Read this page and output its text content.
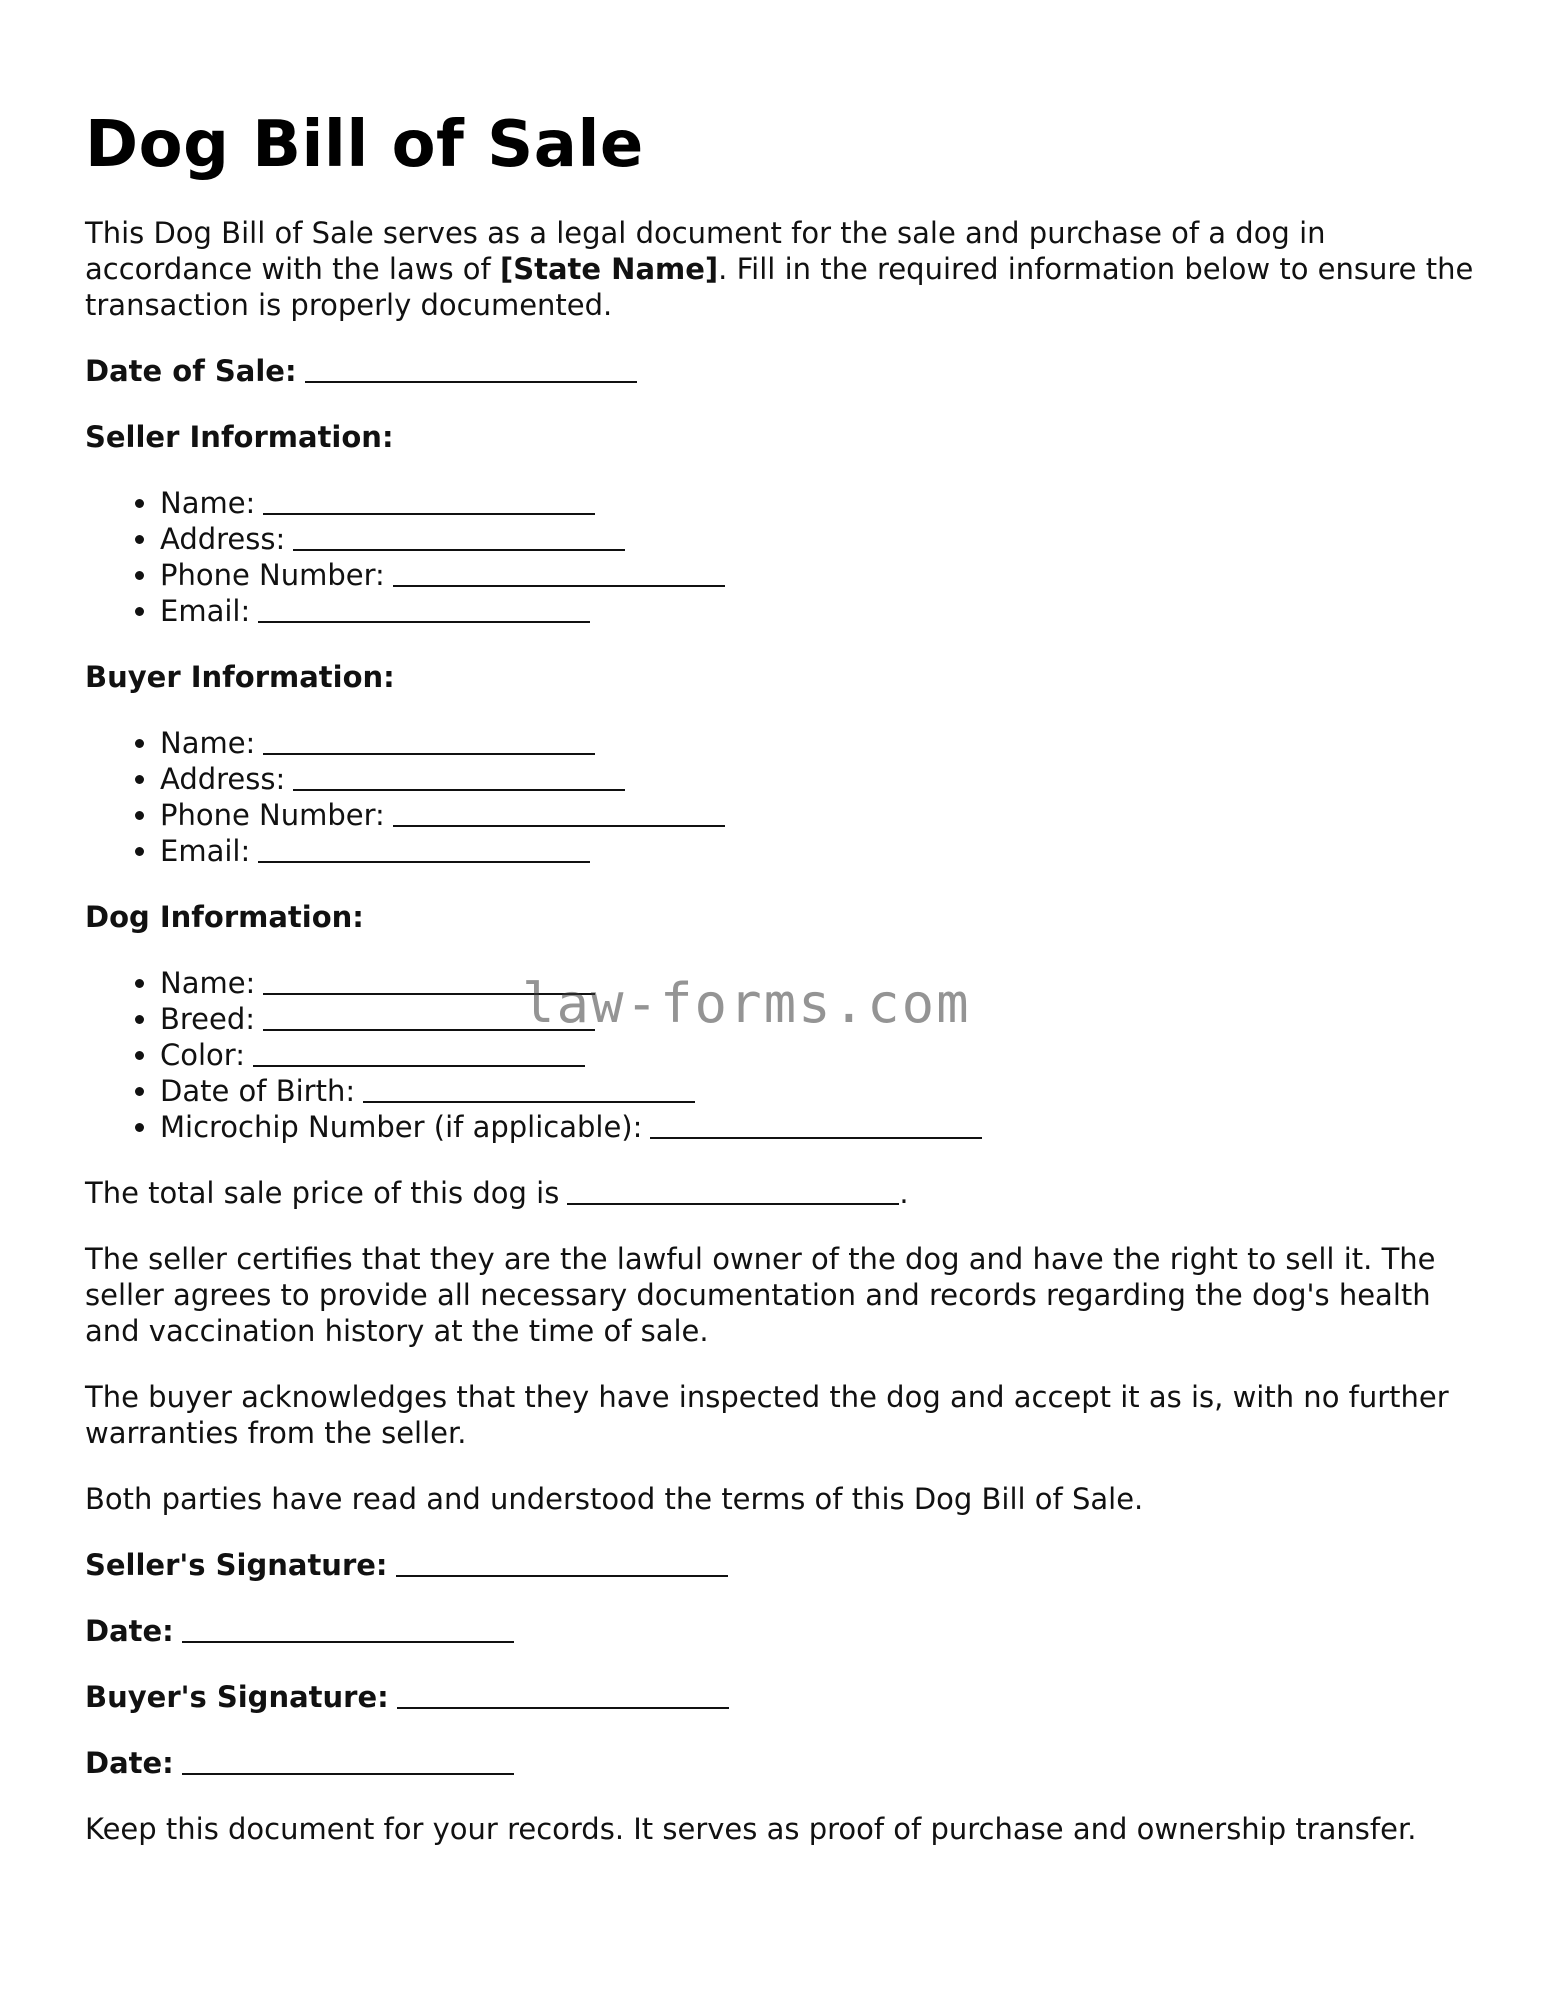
Dog Bill of Sale

This Dog Bill of Sale serves as a legal document for the sale and purchase of a dog in accordance with the laws of [State Name]. Fill in the required information below to ensure the transaction is properly documented.

Date of Sale:

Seller Information:

• Name:
• Address:
• Phone Number:
• Email:

Buyer Information:

• Name:
• Address:
• Phone Number:
• Email:

Dog Information:

• Name:
• Breed:
• Color:
• Date of Birth:
• Microchip Number (if applicable):

The total sale price of this dog is	.

The seller certifies that they are the lawful owner of the dog and have the right to sell it. The seller agrees to provide all necessary documentation and records regarding the dog's health and vaccination history at the time of sale.

The buyer acknowledges that they have inspected the dog and accept it as is, with no further warranties from the seller.

Both parties have read and understood the terms of this Dog Bill of Sale.

Seller's Signature:

Date:

Buyer's Signature:

Date:

Keep this document for your records. It serves as proof of purchase and ownership transfer.

law-forms.com
